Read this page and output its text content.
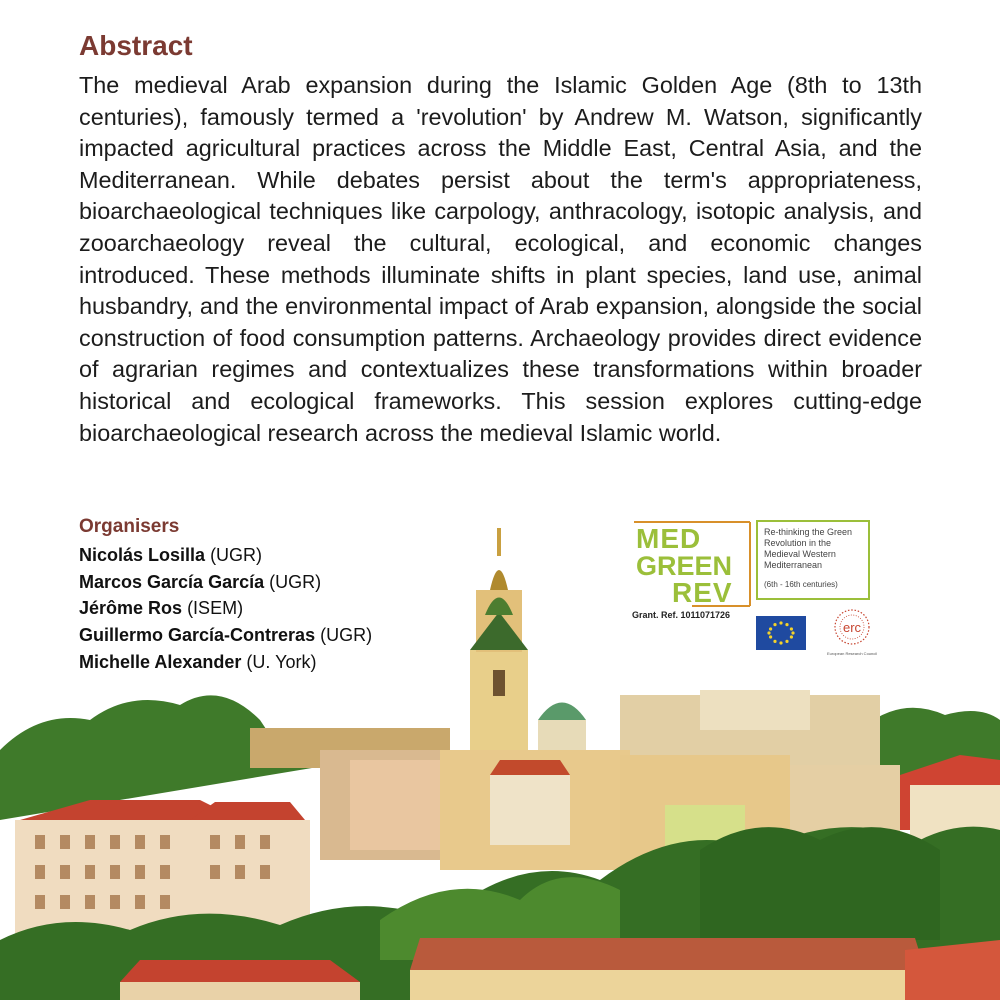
Abstract

The medieval Arab expansion during the Islamic Golden Age (8th to 13th centuries), famously termed a 'revolution' by Andrew M. Watson, significantly impacted agricultural practices across the Middle East, Central Asia, and the Mediterranean. While debates persist about the term's appropriateness, bioarchaeological techniques like carpology, anthracology, isotopic analysis, and zooarchaeology reveal the cultural, ecological, and economic changes introduced. These methods illuminate shifts in plant species, land use, animal husbandry, and the environmental impact of Arab expansion, alongside the social construction of food consumption patterns. Archaeology provides direct evidence of agrarian regimes and contextualizes these transformations within broader historical and ecological frameworks. This session explores cutting-edge bioarchaeological research across the medieval Islamic world.

Organisers
Nicolás Losilla (UGR)
Marcos García García (UGR)
Jérôme Ros (ISEM)
Guillermo García-Contreras (UGR)
Michelle Alexander (U. York)
MED
GREEN
REV
Re-thinking the Green Revolution in the Medieval Western Mediterranean
(6th - 16th centuries)
Grant. Ref. 1011071726
erc
European Research Council
